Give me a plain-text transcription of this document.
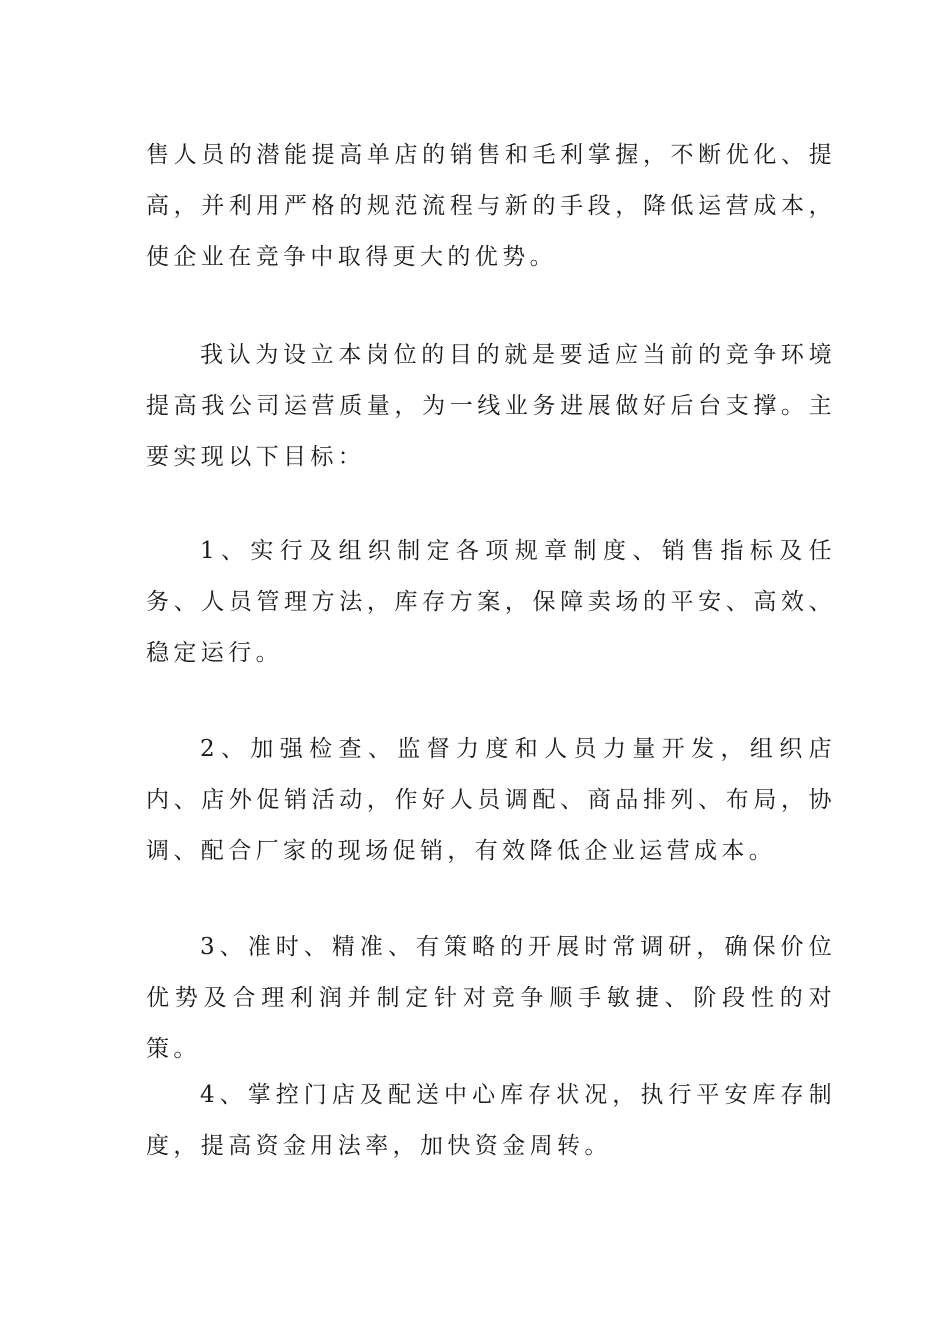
售人员的潜能提高单店的销售和毛利掌握，不断优化、提高，并利用严格的规范流程与新的手段，降低运营成本，使企业在竞争中取得更大的优势。

我认为设立本岗位的目的就是要适应当前的竞争环境提高我公司运营质量，为一线业务进展做好后台支撑。主要实现以下目标：

1、实行及组织制定各项规章制度、销售指标及任务、人员管理方法，库存方案，保障卖场的平安、高效、稳定运行。

2、加强检查、监督力度和人员力量开发，组织店内、店外促销活动，作好人员调配、商品排列、布局，协调、配合厂家的现场促销，有效降低企业运营成本。

3、准时、精准、有策略的开展时常调研，确保价位优势及合理利润并制定针对竞争顺手敏捷、阶段性的对策。

4、掌控门店及配送中心库存状况，执行平安库存制度，提高资金用法率，加快资金周转。
